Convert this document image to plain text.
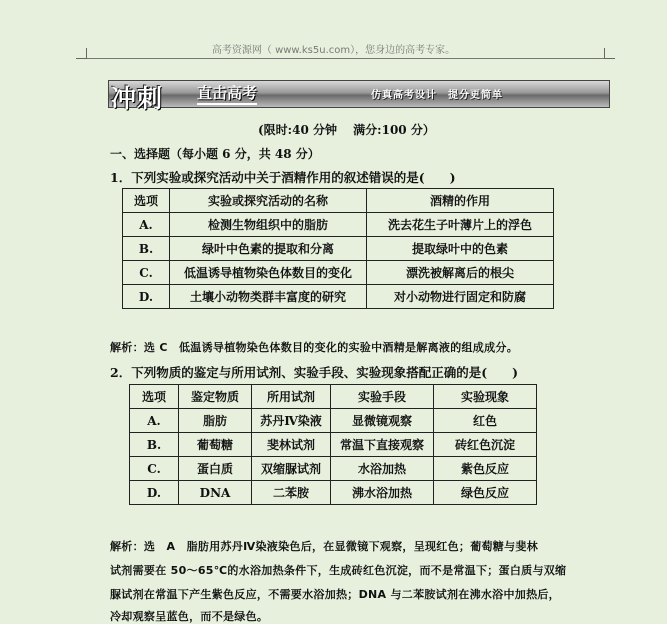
高考资源网（ www.ks5u.com），您身边的高考专家。
冲刺 直击高考	仿真高考设计　提分更简单
(限时:40 分钟　 满分:100 分）
一、选择题（每小题 6 分，共 48 分）
1．下列实验或探究活动中关于酒精作用的叙述错误的是(　　)
选项	实验或探究活动的名称	酒精的作用
A.	检测生物组织中的脂肪	洗去花生子叶薄片上的浮色
B.	绿叶中色素的提取和分离	提取绿叶中的色素
C.	低温诱导植物染色体数目的变化	漂洗被解离后的根尖
D.	土壤小动物类群丰富度的研究	对小动物进行固定和防腐
解析：选 C　低温诱导植物染色体数目的变化的实验中酒精是解离液的组成成分。
2．下列物质的鉴定与所用试剂、实验手段、实验现象搭配正确的是(　　)
选项	鉴定物质	所用试剂	实验手段	实验现象
A.	脂肪	苏丹Ⅳ染液	显微镜观察	红色
B.	葡萄糖	斐林试剂	常温下直接观察	砖红色沉淀
C.	蛋白质	双缩脲试剂	水浴加热	紫色反应
D.	DNA	二苯胺	沸水浴加热	绿色反应
解析：选　A　脂肪用苏丹Ⅳ染液染色后，在显微镜下观察，呈现红色；葡萄糖与斐林
试剂需要在 50～65℃的水浴加热条件下，生成砖红色沉淀，而不是常温下；蛋白质与双缩
脲试剂在常温下产生紫色反应，不需要水浴加热；DNA 与二苯胺试剂在沸水浴中加热后，
冷却观察呈蓝色，而不是绿色。
